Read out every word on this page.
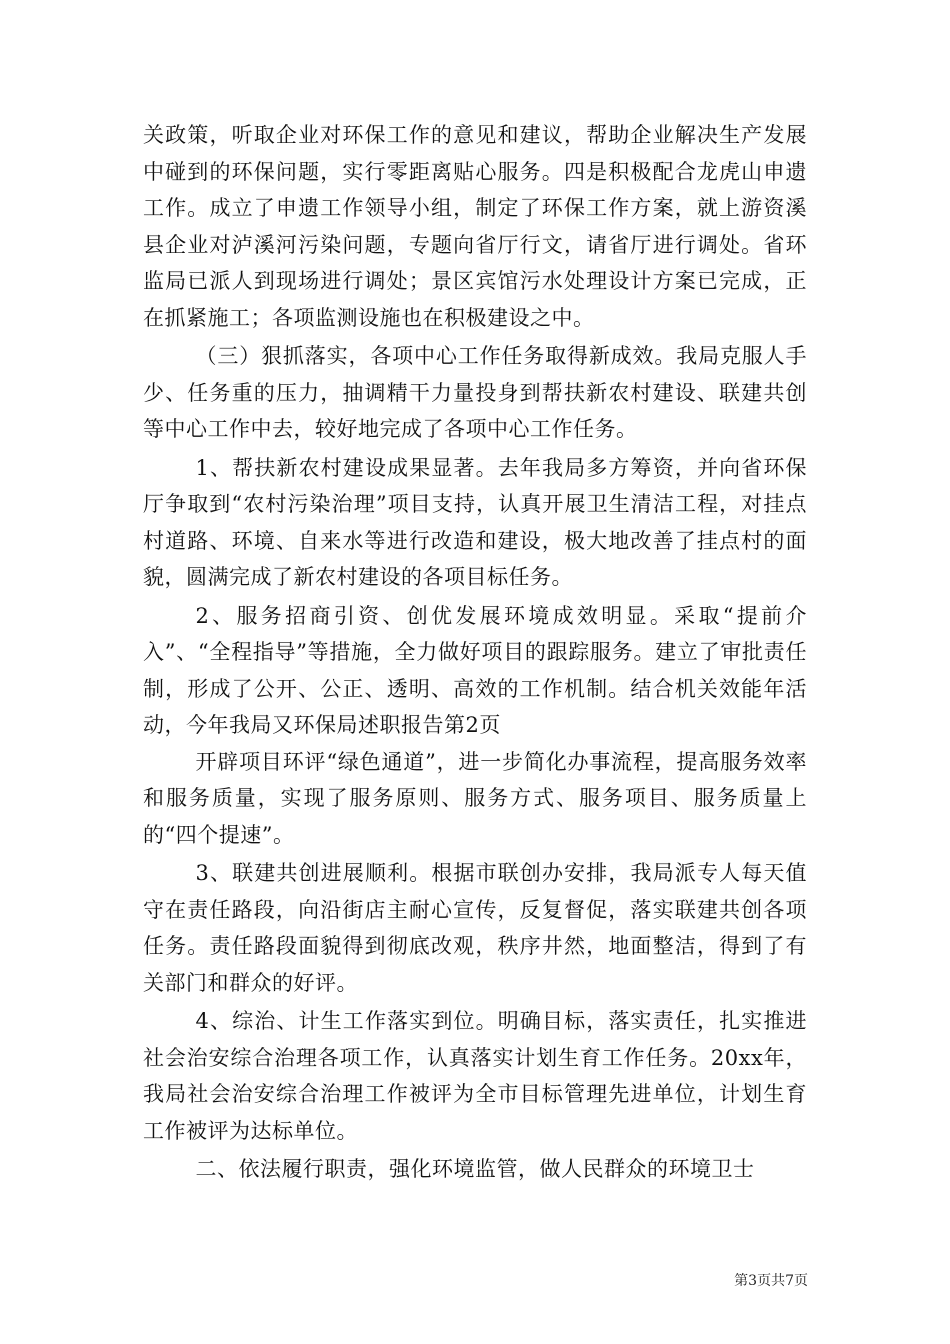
关政策，听取企业对环保工作的意见和建议，帮助企业解决生产发展中碰到的环保问题，实行零距离贴心服务。四是积极配合龙虎山申遗工作。成立了申遗工作领导小组，制定了环保工作方案，就上游资溪县企业对泸溪河污染问题，专题向省厅行文，请省厅进行调处。省环监局已派人到现场进行调处；景区宾馆污水处理设计方案已完成，正在抓紧施工；各项监测设施也在积极建设之中。

（三）狠抓落实，各项中心工作任务取得新成效。我局克服人手少、任务重的压力，抽调精干力量投身到帮扶新农村建设、联建共创等中心工作中去，较好地完成了各项中心工作任务。

1、帮扶新农村建设成果显著。去年我局多方筹资，并向省环保厅争取到“农村污染治理”项目支持，认真开展卫生清洁工程，对挂点村道路、环境、自来水等进行改造和建设，极大地改善了挂点村的面貌，圆满完成了新农村建设的各项目标任务。

2、服务招商引资、创优发展环境成效明显。采取“提前介入”、“全程指导”等措施，全力做好项目的跟踪服务。建立了审批责任制，形成了公开、公正、透明、高效的工作机制。结合机关效能年活动，今年我局又环保局述职报告第2页

开辟项目环评“绿色通道”，进一步简化办事流程，提高服务效率和服务质量，实现了服务原则、服务方式、服务项目、服务质量上的“四个提速”。

3、联建共创进展顺利。根据市联创办安排，我局派专人每天值守在责任路段，向沿街店主耐心宣传，反复督促，落实联建共创各项任务。责任路段面貌得到彻底改观，秩序井然，地面整洁，得到了有关部门和群众的好评。

4、综治、计生工作落实到位。明确目标，落实责任，扎实推进社会治安综合治理各项工作，认真落实计划生育工作任务。20xx年，我局社会治安综合治理工作被评为全市目标管理先进单位，计划生育工作被评为达标单位。

二、依法履行职责，强化环境监管，做人民群众的环境卫士

第3页共7页
